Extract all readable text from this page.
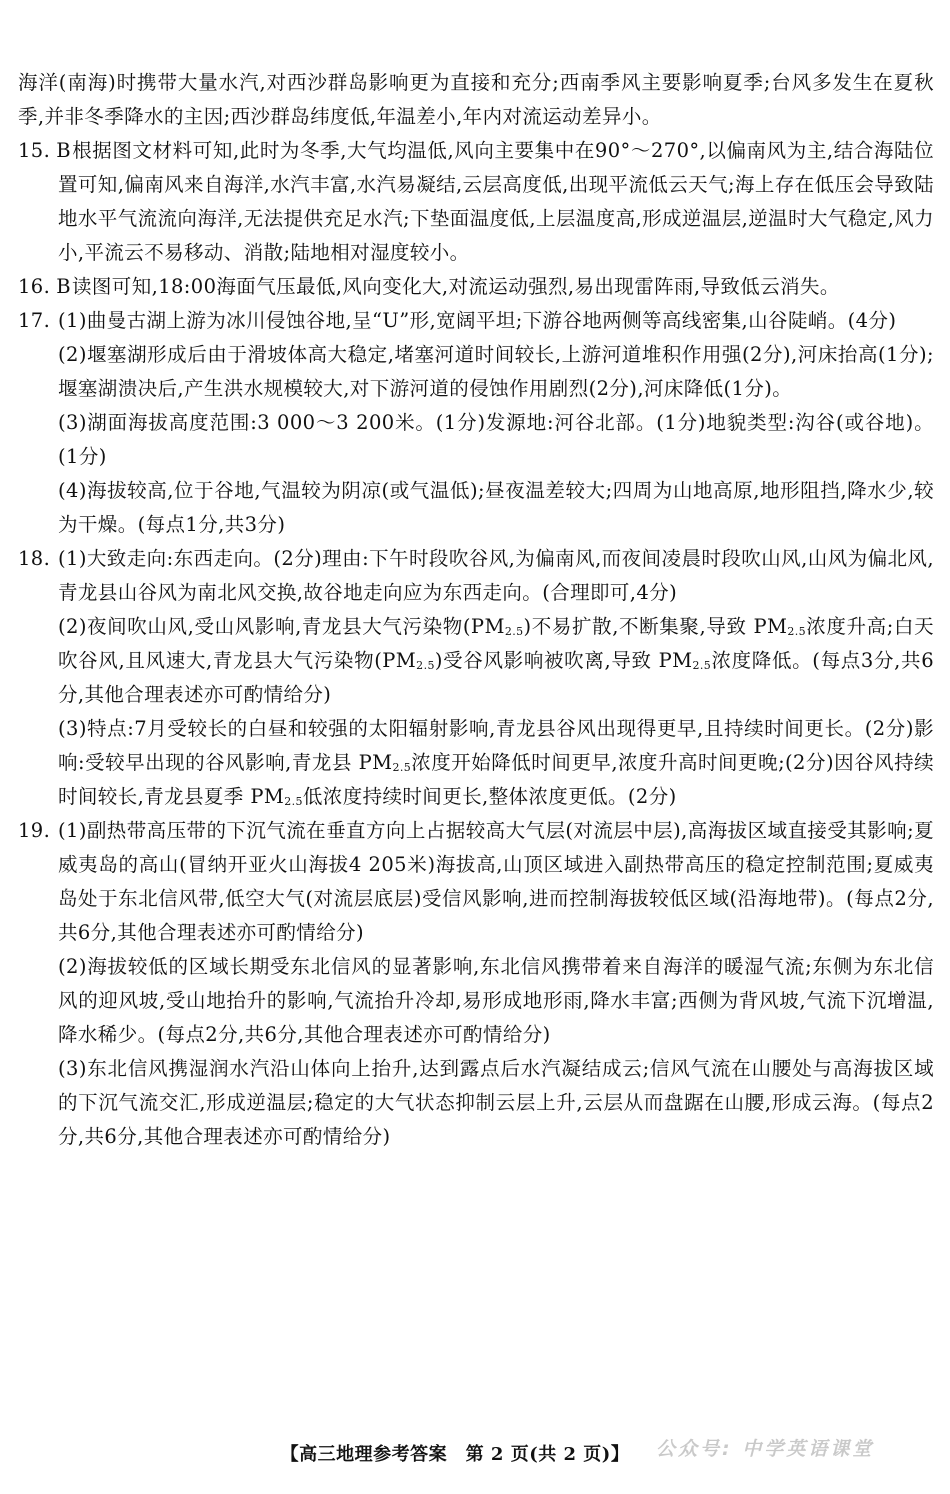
海洋(南海)时携带大量水汽,对西沙群岛影响更为直接和充分;西南季风主要影响夏季;台风多发生在夏秋季,并非冬季降水的主因;西沙群岛纬度低,年温差小,年内对流运动差异小。

15. B 根据图文材料可知,此时为冬季,大气均温低,风向主要集中在90°～270°,以偏南风为主,结合海陆位置可知,偏南风来自海洋,水汽丰富,水汽易凝结,云层高度低,出现平流低云天气;海上存在低压会导致陆地水平气流流向海洋,无法提供充足水汽;下垫面温度低,上层温度高,形成逆温层,逆温时大气稳定,风力小,平流云不易移动、消散;陆地相对湿度较小。
16. B 读图可知,18:00海面气压最低,风向变化大,对流运动强烈,易出现雷阵雨,导致低云消失。
17. (1)曲曼古湖上游为冰川侵蚀谷地,呈“U”形,宽阔平坦;下游谷地两侧等高线密集,山谷陡峭。(4分)

(2)堰塞湖形成后由于滑坡体高大稳定,堵塞河道时间较长,上游河道堆积作用强(2分),河床抬高(1分);堰塞湖溃决后,产生洪水规模较大,对下游河道的侵蚀作用剧烈(2分),河床降低(1分)。

(3)湖面海拔高度范围:3 000～3 200米。(1分)发源地:河谷北部。(1分)地貌类型:沟谷(或谷地)。(1分)

(4)海拔较高,位于谷地,气温较为阴凉(或气温低);昼夜温差较大;四周为山地高原,地形阻挡,降水少,较为干燥。(每点1分,共3分)

18. (1)大致走向:东西走向。(2分)理由:下午时段吹谷风,为偏南风,而夜间凌晨时段吹山风,山风为偏北风,青龙县山谷风为南北风交换,故谷地走向应为东西走向。(合理即可,4分)

(2)夜间吹山风,受山风影响,青龙县大气污染物$(PM_{2.5})$不易扩散,不断集聚,导致 $PM_{2.5}$浓度升高;白天吹谷风,且风速大,青龙县大气污染物$(PM_{2.5})$受谷风影响被吹离,导致 $PM_{2.5}$浓度降低。(每点3分,共6分,其他合理表述亦可酌情给分)

(3)特点:7月受较长的白昼和较强的太阳辐射影响,青龙县谷风出现得更早,且持续时间更长。(2分)影响:受较早出现的谷风影响,青龙县 $PM_{2.5}$浓度开始降低时间更早,浓度升高时间更晚;(2分)因谷风持续时间较长,青龙县夏季 $PM_{2.5}$低浓度持续时间更长,整体浓度更低。(2分)

19. (1)副热带高压带的下沉气流在垂直方向上占据较高大气层(对流层中层),高海拔区域直接受其影响;夏威夷岛的高山(冒纳开亚火山海拔4 205米)海拔高,山顶区域进入副热带高压的稳定控制范围;夏威夷岛处于东北信风带,低空大气(对流层底层)受信风影响,进而控制海拔较低区域(沿海地带)。(每点2分,共6分,其他合理表述亦可酌情给分)

(2)海拔较低的区域长期受东北信风的显著影响,东北信风携带着来自海洋的暖湿气流;东侧为东北信风的迎风坡,受山地抬升的影响,气流抬升冷却,易形成地形雨,降水丰富;西侧为背风坡,气流下沉增温,降水稀少。(每点2分,共6分,其他合理表述亦可酌情给分)

(3)东北信风携湿润水汽沿山体向上抬升,达到露点后水汽凝结成云;信风气流在山腰处与高海拔区域的下沉气流交汇,形成逆温层;稳定的大气状态抑制云层上升,云层从而盘踞在山腰,形成云海。(每点2分,共6分,其他合理表述亦可酌情给分)

【高三地理参考答案　第 2 页(共 2 页)】	公众号: 中学英语课堂
